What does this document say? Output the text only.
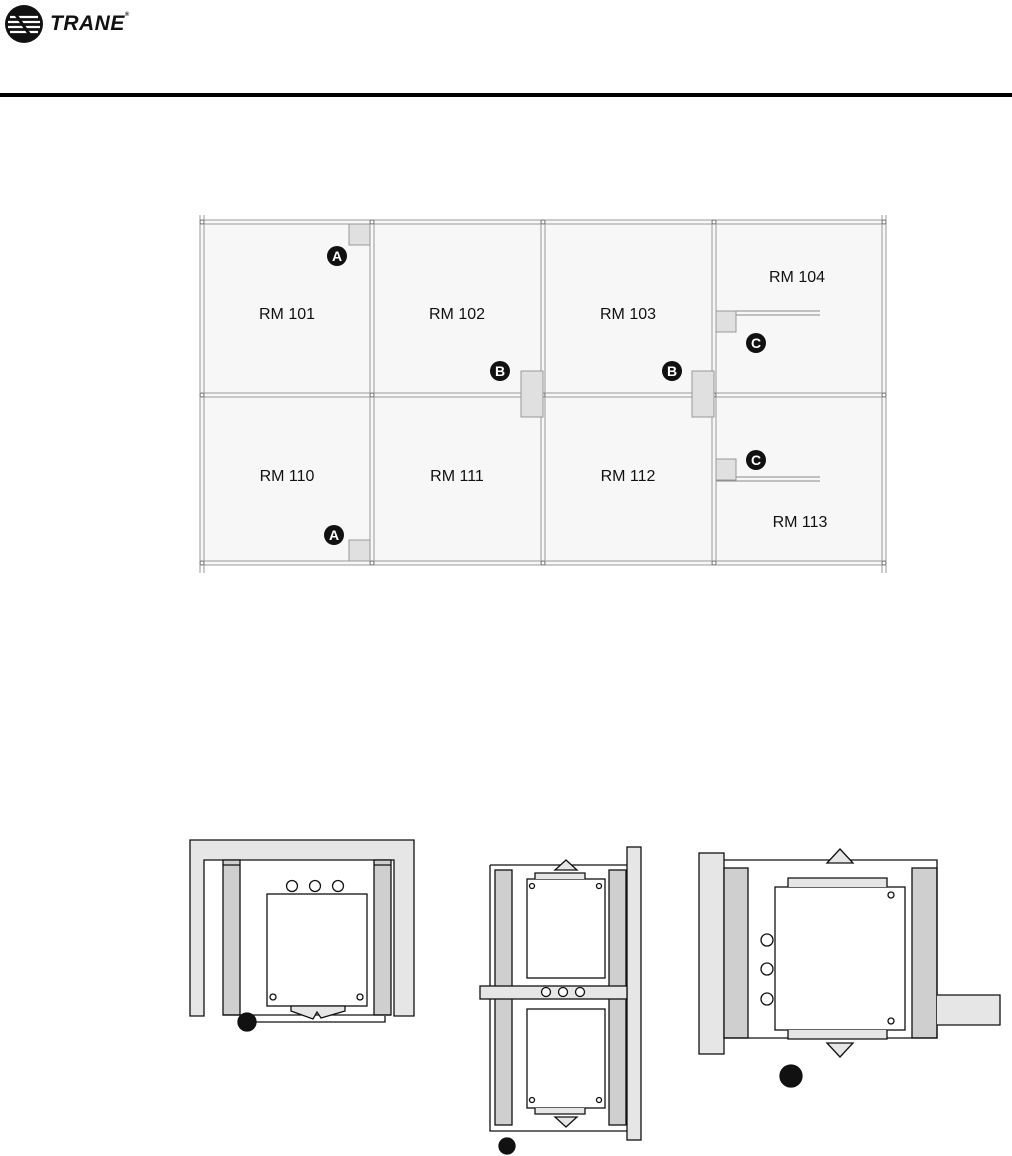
TRANE®
RM 101	RM 102	RM 103
RM 104
RM 110	RM 111	RM 112
RM 113
A
A
B	B
C
C
